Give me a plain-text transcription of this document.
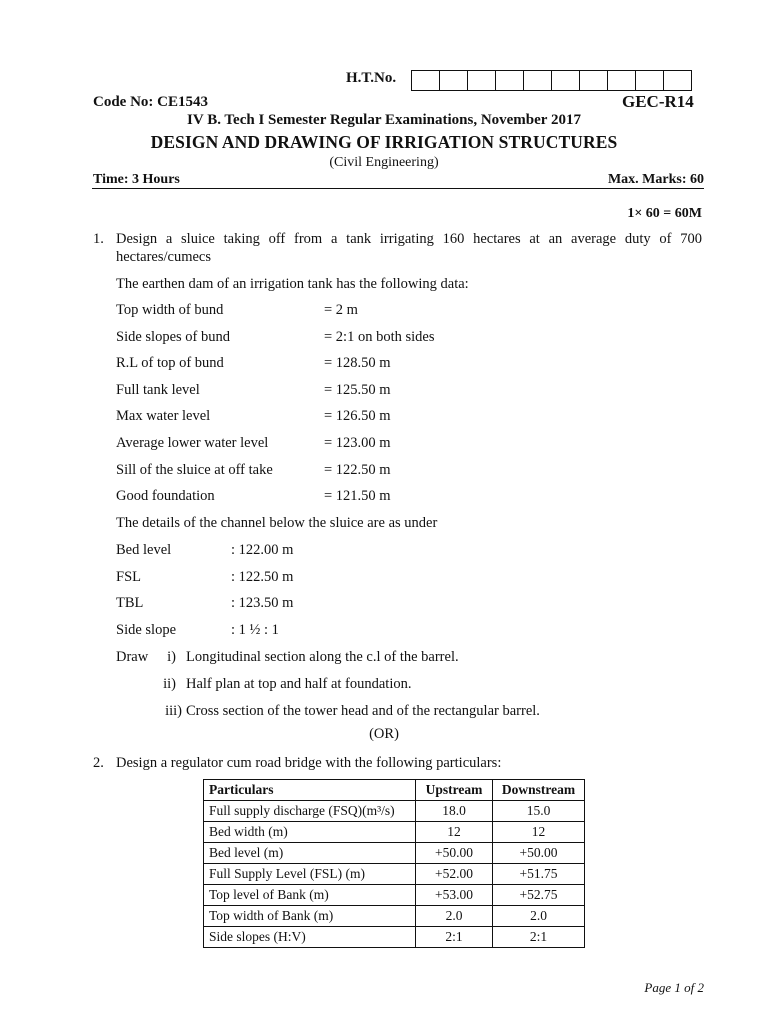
H.T.No.
Code No: CE1543	GEC-R14
IV B. Tech I Semester Regular Examinations, November 2017
DESIGN AND DRAWING OF IRRIGATION STRUCTURES
(Civil Engineering)
Time: 3 Hours	Max. Marks: 60
1× 60 = 60M
1. Design a sluice taking off from a tank irrigating 160 hectares at an average duty of 700
hectares/cumecs
The earthen dam of an irrigation tank has the following data:
Top width of bund	= 2 m
Side slopes of bund	= 2:1 on both sides
R.L of top of bund	= 128.50 m
Full tank level	= 125.50 m
Max water level	= 126.50 m
Average lower water level	= 123.00 m
Sill of the sluice at off take	= 122.50 m
Good foundation	= 121.50 m
The details of the channel below the sluice are as under
Bed level	: 122.00 m
FSL	: 122.50 m
TBL	: 123.50 m
Side slope	: 1 ½ : 1
Draw	i) Longitudinal section along the c.l of the barrel.
ii) Half plan at top and half at foundation.
iii) Cross section of the tower head and of the rectangular barrel.
(OR)
2. Design a regulator cum road bridge with the following particulars:
Particulars	Upstream	Downstream
Full supply discharge (FSQ)(m³/s)	18.0	15.0
Bed width (m)	12	12
Bed level (m)	+50.00	+50.00
Full Supply Level (FSL) (m)	+52.00	+51.75
Top level of Bank (m)	+53.00	+52.75
Top width of Bank (m)	2.0	2.0
Side slopes (H:V)	2:1	2:1
Page 1 of 2
